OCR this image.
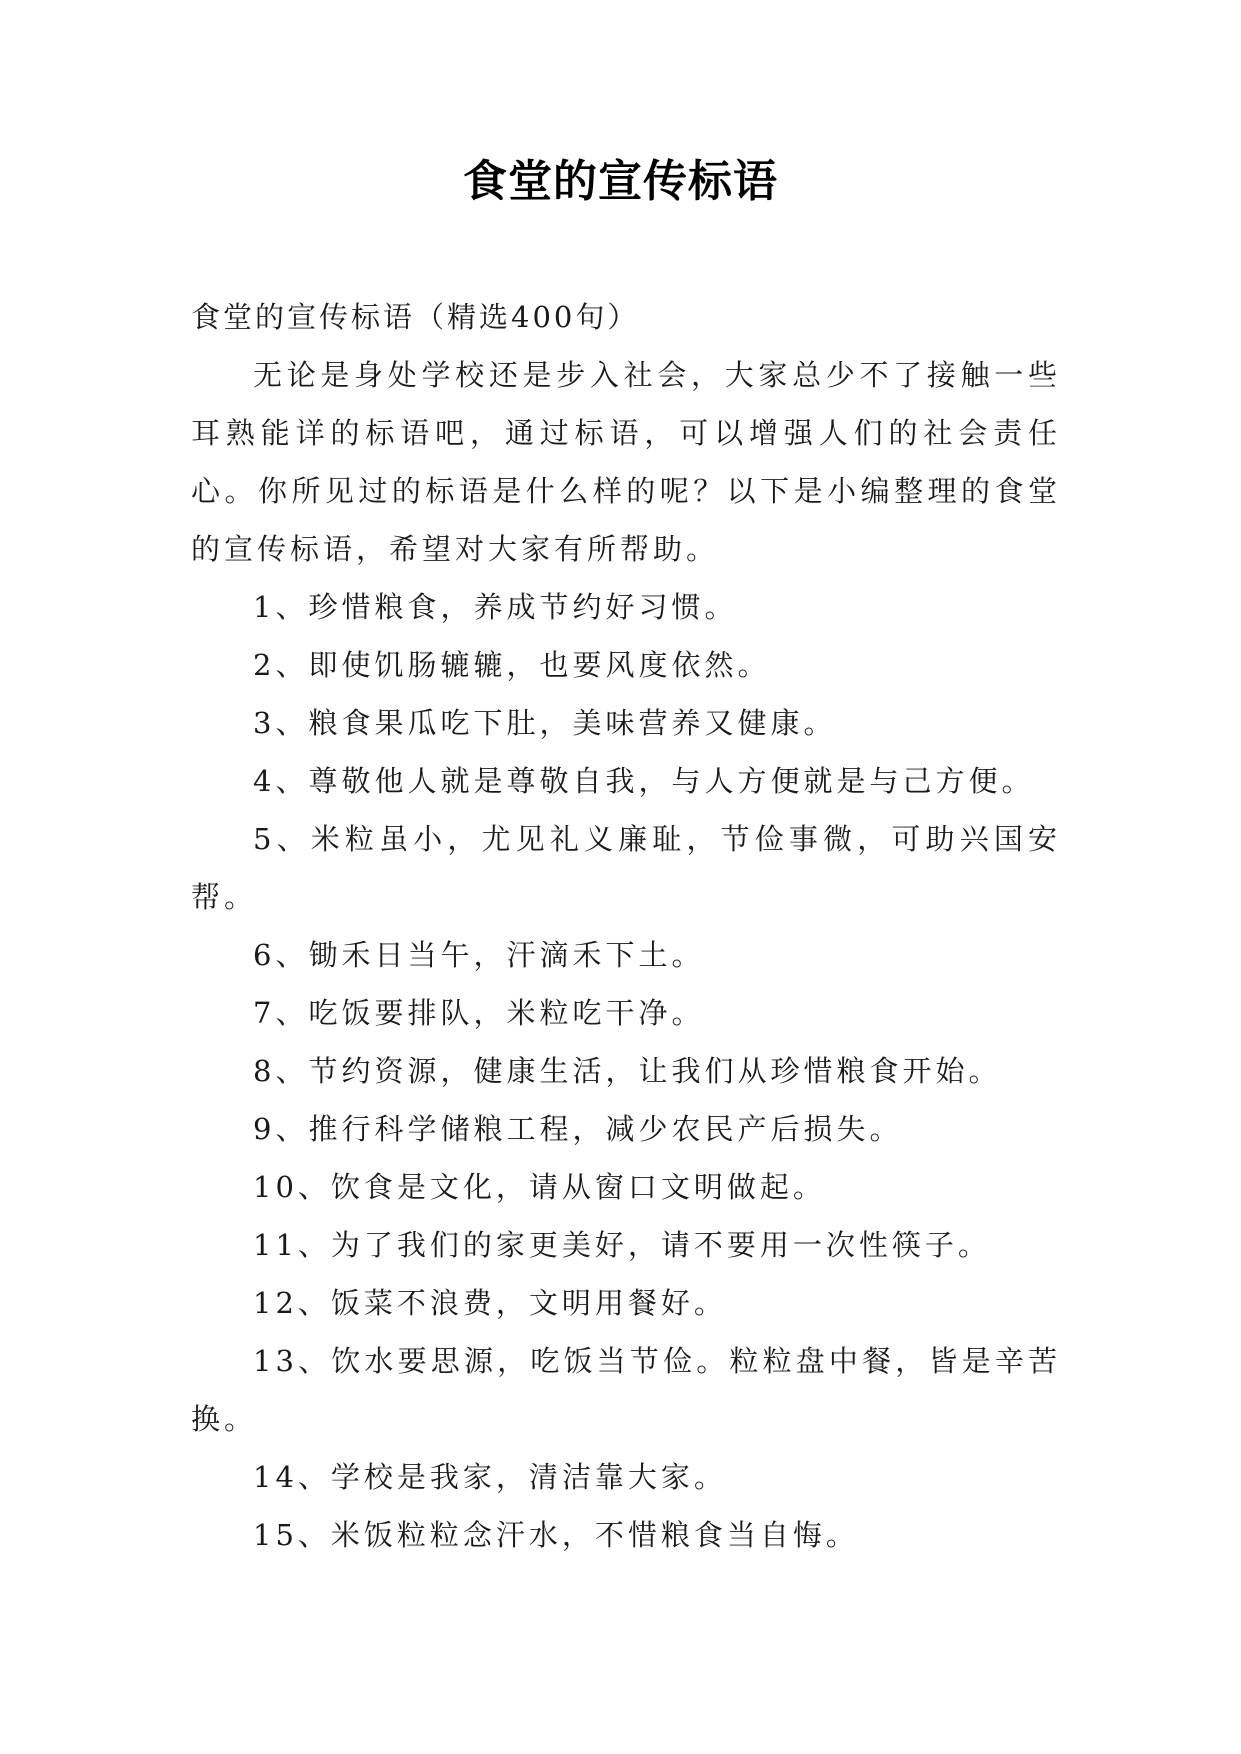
食堂的宣传标语

食堂的宣传标语（精选400句）

无论是身处学校还是步入社会，大家总少不了接触一些耳熟能详的标语吧，通过标语，可以增强人们的社会责任心。你所见过的标语是什么样的呢？以下是小编整理的食堂的宣传标语，希望对大家有所帮助。

1、珍惜粮食，养成节约好习惯。

2、即使饥肠辘辘，也要风度依然。

3、粮食果瓜吃下肚，美味营养又健康。

4、尊敬他人就是尊敬自我，与人方便就是与己方便。

5、米粒虽小，尤见礼义廉耻，节俭事微，可助兴国安帮。

6、锄禾日当午，汗滴禾下土。

7、吃饭要排队，米粒吃干净。

8、节约资源，健康生活，让我们从珍惜粮食开始。

9、推行科学储粮工程，减少农民产后损失。

10、饮食是文化，请从窗口文明做起。

11、为了我们的家更美好，请不要用一次性筷子。

12、饭菜不浪费，文明用餐好。

13、饮水要思源，吃饭当节俭。粒粒盘中餐，皆是辛苦换。

14、学校是我家，清洁靠大家。

15、米饭粒粒念汗水，不惜粮食当自悔。
